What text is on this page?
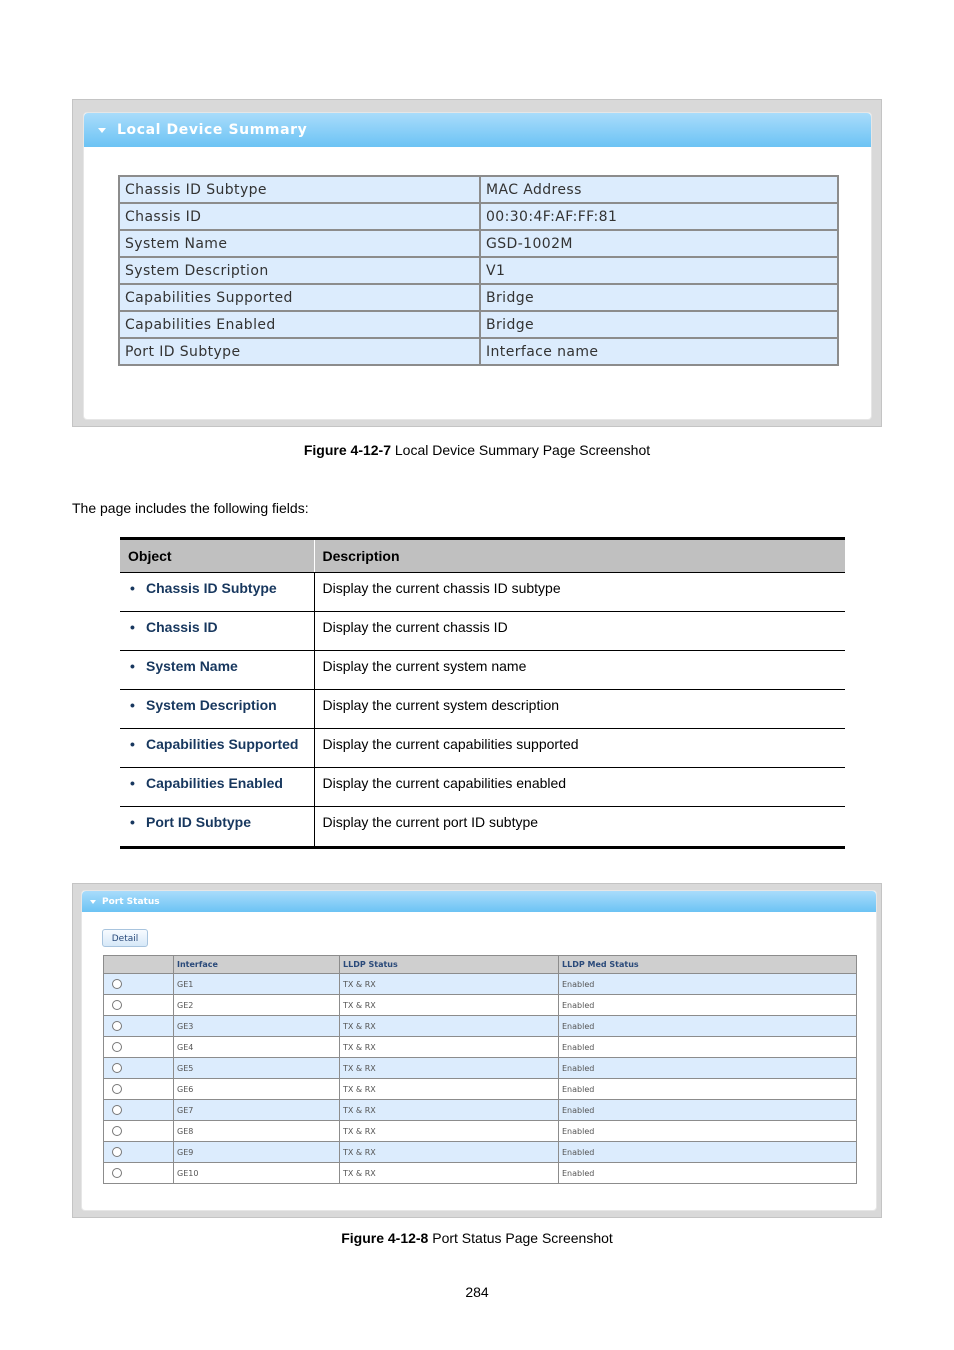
Local Device Summary
Chassis ID Subtype	MAC Address
Chassis ID	00:30:4F:AF:FF:81
System Name	GSD-1002M
System Description	V1
Capabilities Supported	Bridge
Capabilities Enabled	Bridge
Port ID Subtype	Interface name
Figure 4-12-7 Local Device Summary Page Screenshot
The page includes the following fields:
Object	Description
• Chassis ID Subtype	Display the current chassis ID subtype
• Chassis ID	Display the current chassis ID
• System Name	Display the current system name
• System Description	Display the current system description
• Capabilities Supported	Display the current capabilities supported
• Capabilities Enabled	Display the current capabilities enabled
• Port ID Subtype	Display the current port ID subtype
Port Status
Detail
	Interface	LLDP Status	LLDP Med Status
	GE1	TX & RX	Enabled
	GE2	TX & RX	Enabled
	GE3	TX & RX	Enabled
	GE4	TX & RX	Enabled
	GE5	TX & RX	Enabled
	GE6	TX & RX	Enabled
	GE7	TX & RX	Enabled
	GE8	TX & RX	Enabled
	GE9	TX & RX	Enabled
	GE10	TX & RX	Enabled
Figure 4-12-8 Port Status Page Screenshot
284
